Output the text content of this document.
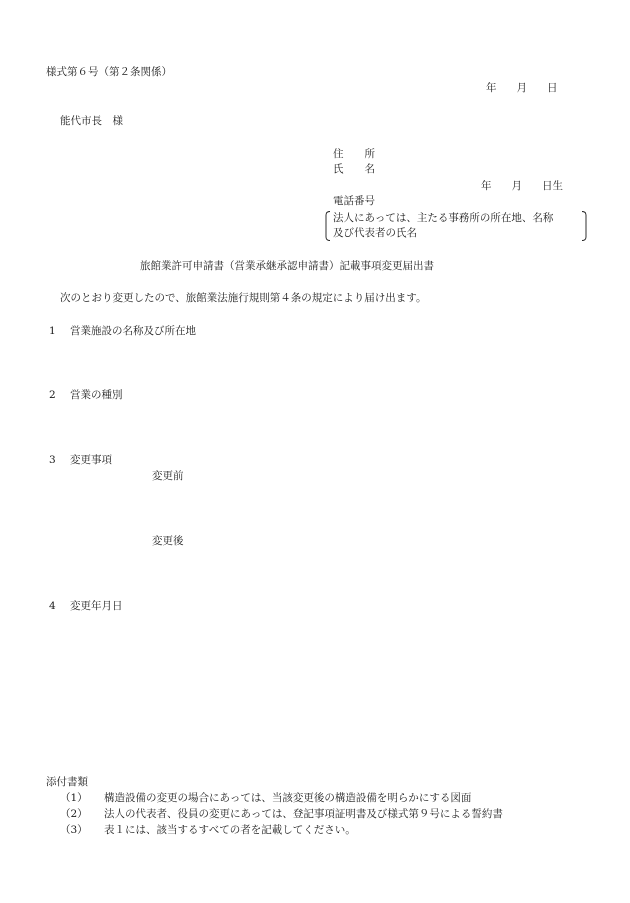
様式第６号（第２条関係）
年 月 日
能代市長　様
住　　所
氏　　名
年 月 日生
電話番号
法人にあっては、主たる事務所の所在地、名称
及び代表者の氏名
旅館業許可申請書（営業承継承認申請書）記載事項変更届出書
次のとおり変更したので、旅館業法施行規則第４条の規定により届け出ます。
1 営業施設の名称及び所在地
2 営業の種別
3 変更事項
変更前
変更後
4 変更年月日
添付書類
（1） 構造設備の変更の場合にあっては、当該変更後の構造設備を明らかにする図面
（2） 法人の代表者、役員の変更にあっては、登記事項証明書及び様式第９号による誓約書
（3） 表１には、該当するすべての者を記載してください。
